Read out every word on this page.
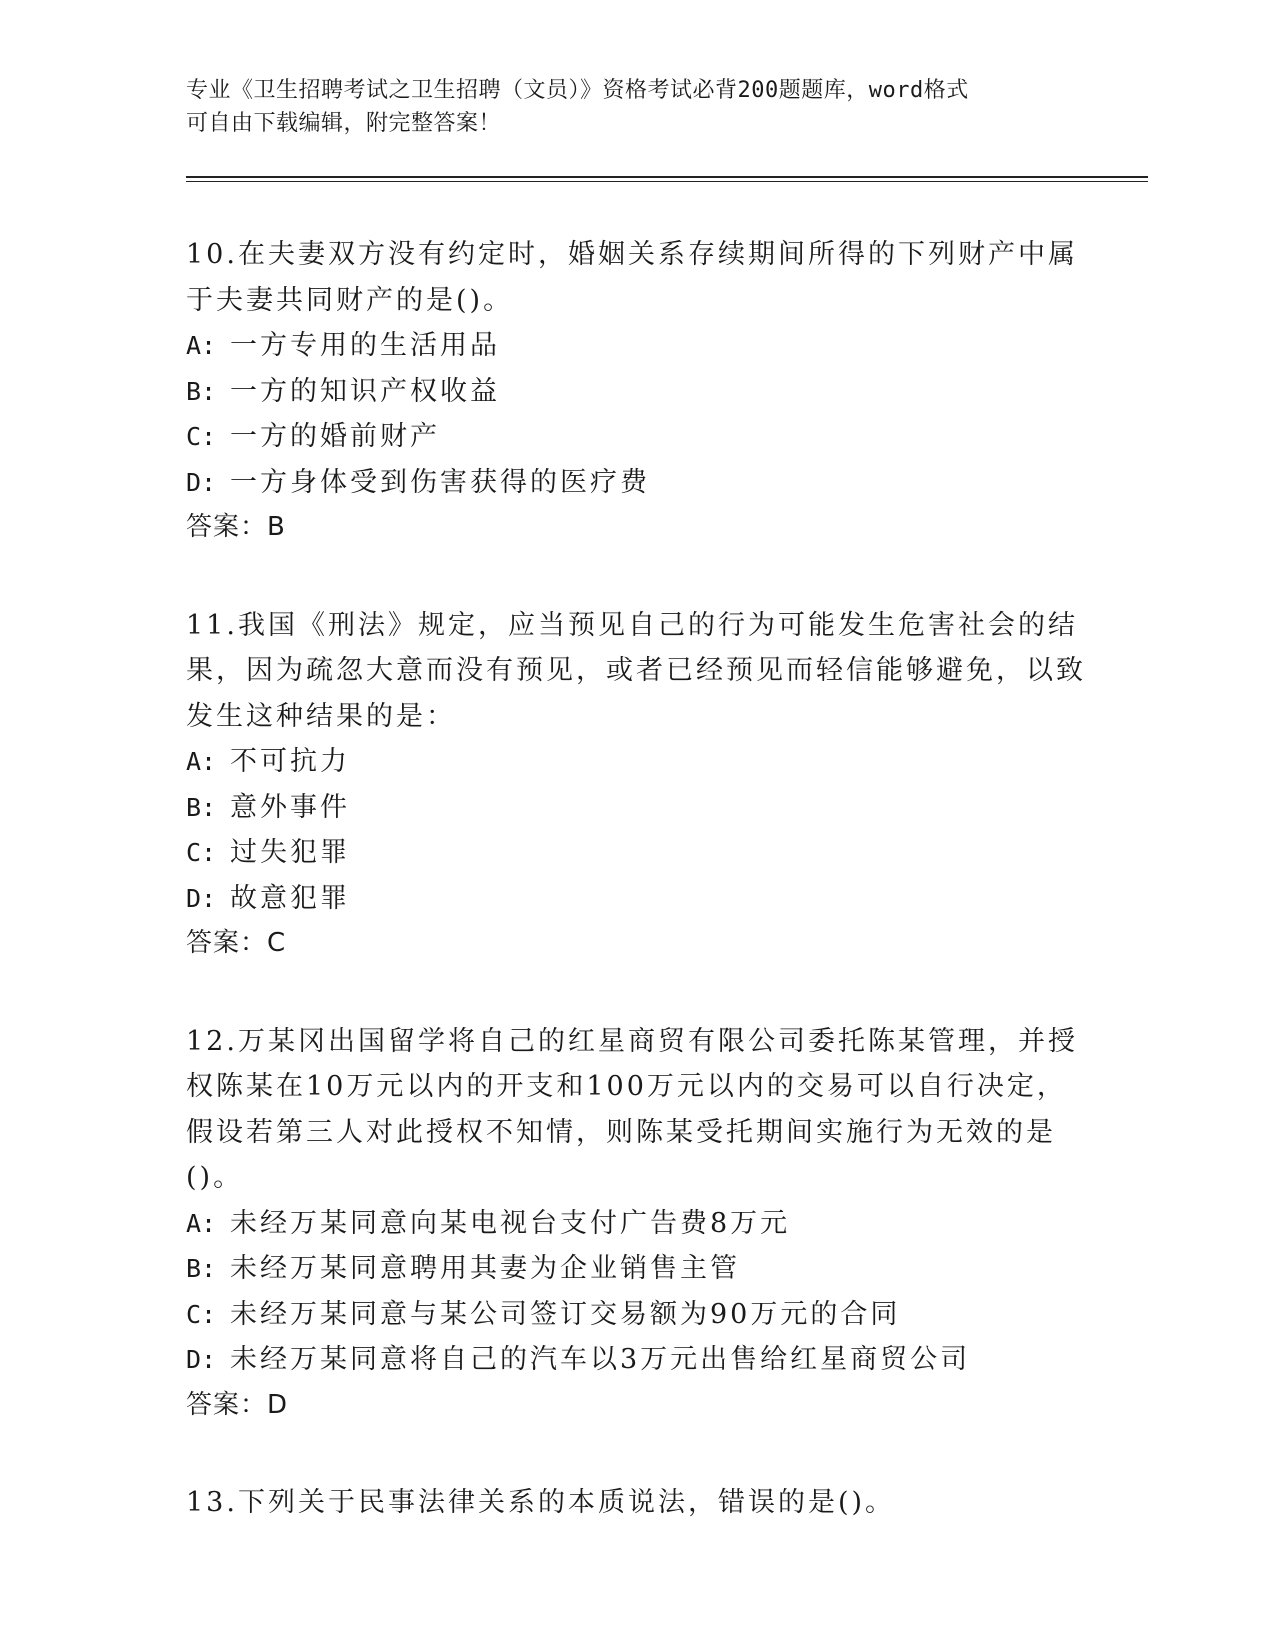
专业《卫生招聘考试之卫生招聘（文员）》资格考试必背200题题库，word格式
可自由下载编辑，附完整答案！
10.在夫妻双方没有约定时，婚姻关系存续期间所得的下列财产中属于夫妻共同财产的是()。
A: 一方专用的生活用品
B: 一方的知识产权收益
C: 一方的婚前财产
D: 一方身体受到伤害获得的医疗费
答案：B
11.我国《刑法》规定，应当预见自己的行为可能发生危害社会的结果，因为疏忽大意而没有预见，或者已经预见而轻信能够避免，以致发生这种结果的是：
A: 不可抗力
B: 意外事件
C: 过失犯罪
D: 故意犯罪
答案：C
12.万某冈出国留学将自己的红星商贸有限公司委托陈某管理，并授权陈某在10万元以内的开支和100万元以内的交易可以自行决定，假设若第三人对此授权不知情，则陈某受托期间实施行为无效的是()。
A: 未经万某同意向某电视台支付广告费8万元
B: 未经万某同意聘用其妻为企业销售主管
C: 未经万某同意与某公司签订交易额为90万元的合同
D: 未经万某同意将自己的汽车以3万元出售给红星商贸公司
答案：D
13.下列关于民事法律关系的本质说法，错误的是()。
